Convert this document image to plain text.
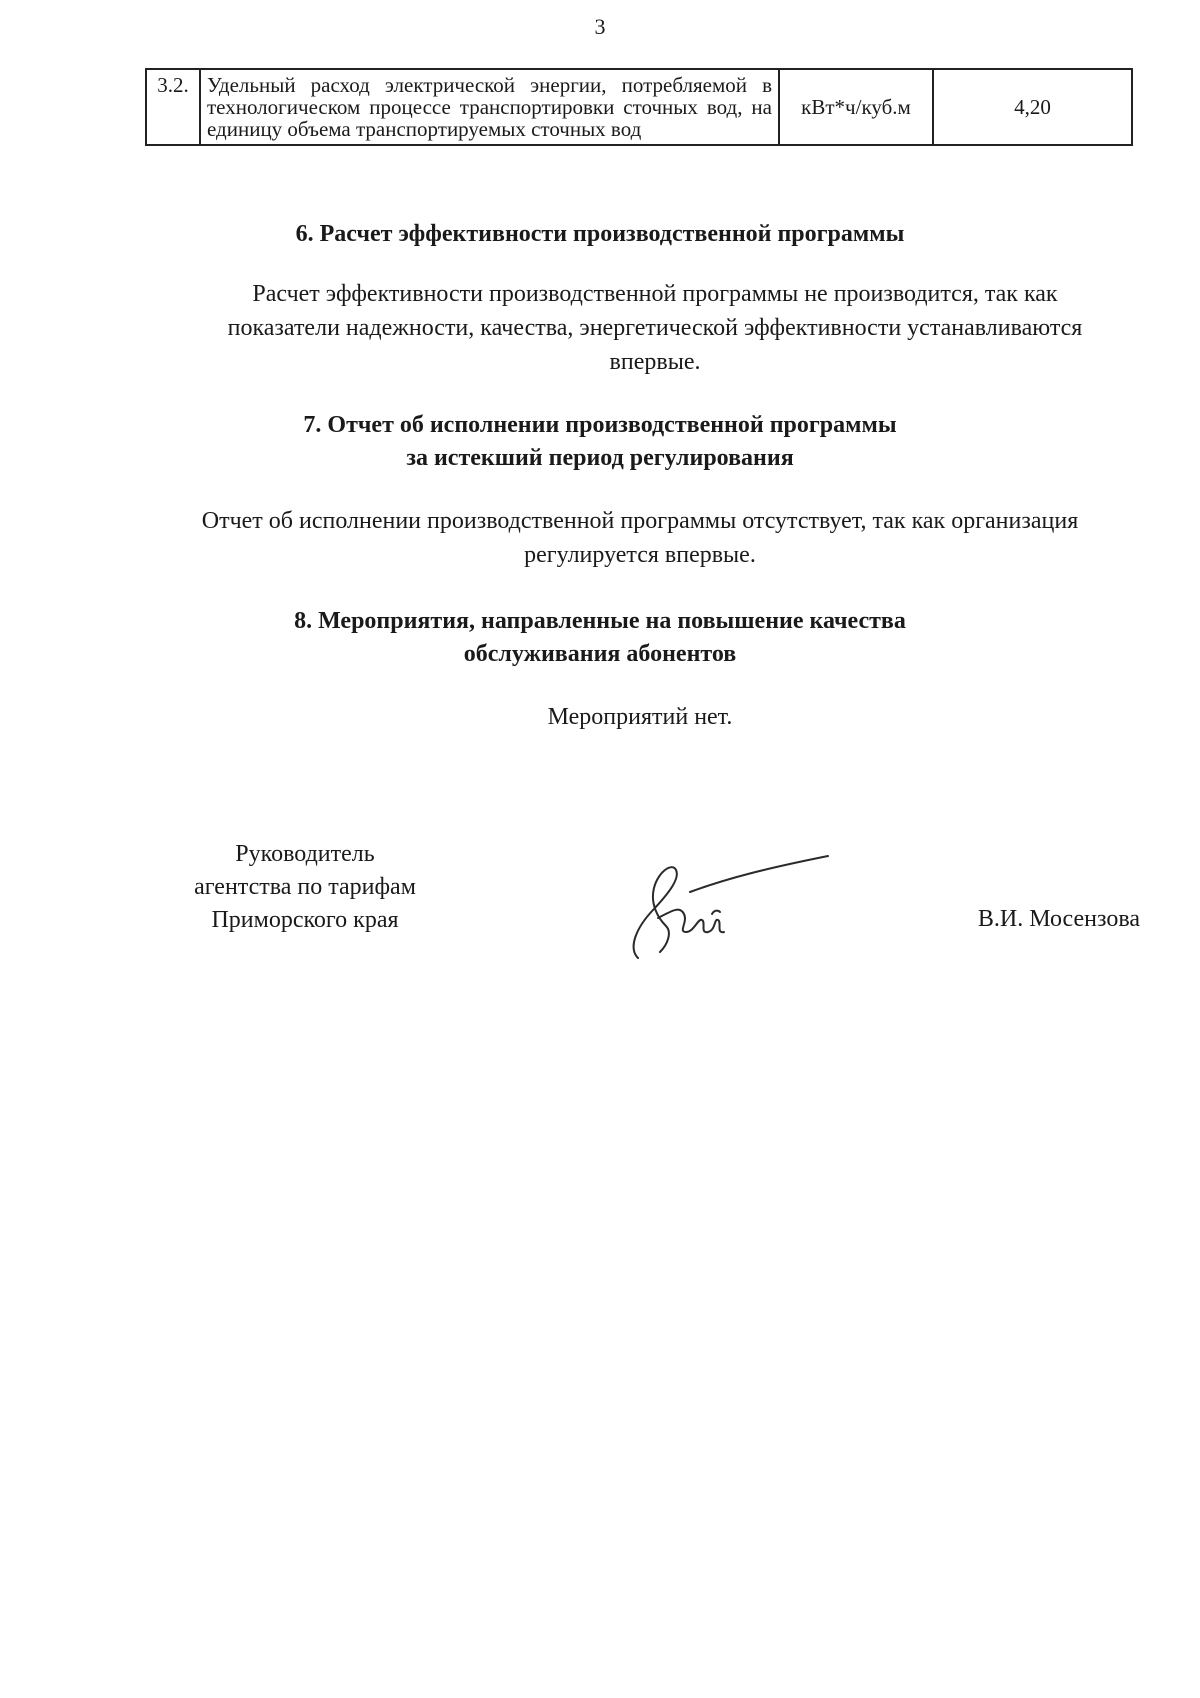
3
3.2.	Удельный расход электрической энергии, потребляемой в технологическом процессе транспортировки сточных вод, на единицу объема транспортируемых сточных вод	кВт*ч/куб.м	4,20
6. Расчет эффективности производственной программы
Расчет эффективности производственной программы не производится, так как показатели надежности, качества, энергетической эффективности устанавливаются впервые.
7. Отчет об исполнении производственной программы
за истекший период регулирования
Отчет об исполнении производственной программы отсутствует, так как организация регулируется впервые.
8. Мероприятия, направленные на повышение качества
обслуживания абонентов
Мероприятий нет.
Руководитель
агентства по тарифам
Приморского края	В.И. Мосензова
